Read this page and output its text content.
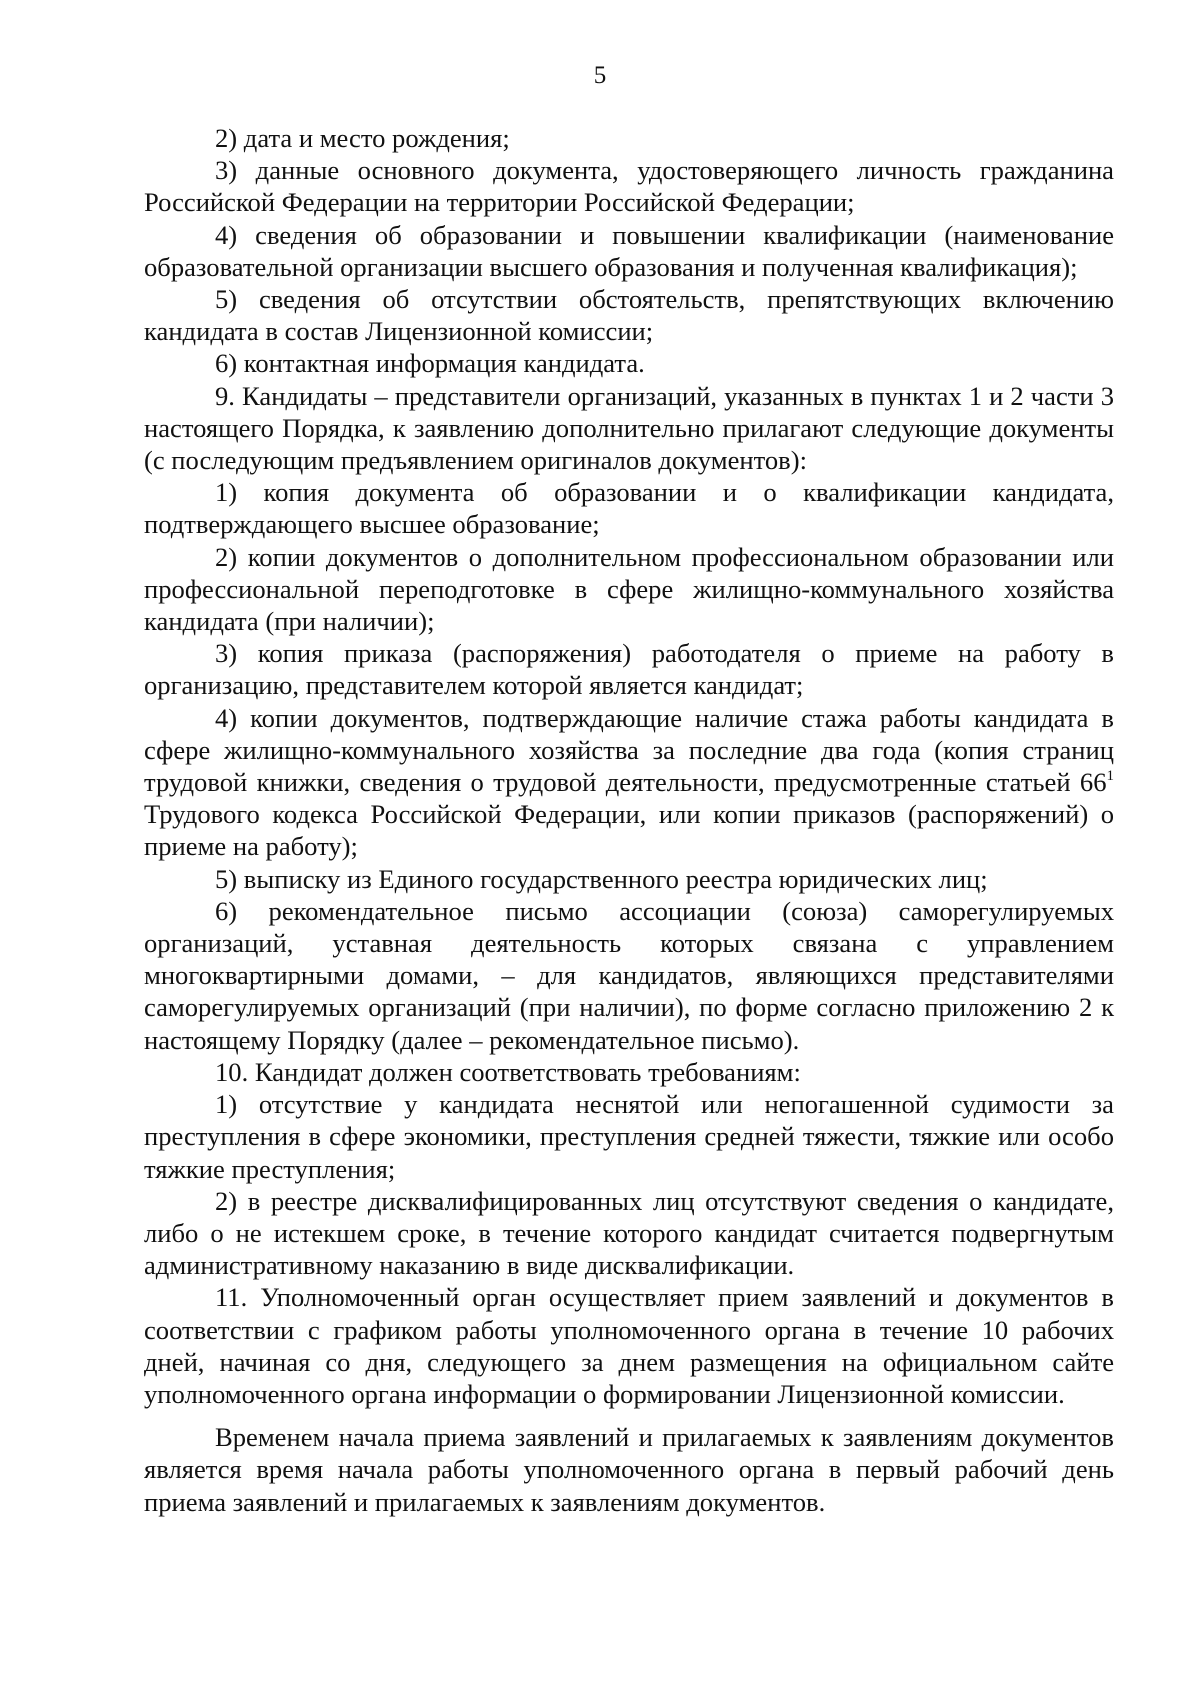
5

2) дата и место рождения;

3) данные основного документа, удостоверяющего личность гражданина Российской Федерации на территории Российской Федерации;

4) сведения об образовании и повышении квалификации (наименование образовательной организации высшего образования и полученная квалификация);

5) сведения об отсутствии обстоятельств, препятствующих включению кандидата в состав Лицензионной комиссии;

6) контактная информация кандидата.

9. Кандидаты – представители организаций, указанных в пунктах 1 и 2 части 3 настоящего Порядка, к заявлению дополнительно прилагают следующие документы (с последующим предъявлением оригиналов документов):

1) копия документа об образовании и о квалификации кандидата, подтверждающего высшее образование;

2) копии документов о дополнительном профессиональном образовании или профессиональной переподготовке в сфере жилищно-коммунального хозяйства кандидата (при наличии);

3) копия приказа (распоряжения) работодателя о приеме на работу в организацию, представителем которой является кандидат;

4) копии документов, подтверждающие наличие стажа работы кандидата в сфере жилищно-коммунального хозяйства за последние два года (копия страниц трудовой книжки, сведения о трудовой деятельности, предусмотренные статьей $66^1$ Трудового кодекса Российской Федерации, или копии приказов (распоряжений) о приеме на работу);

5) выписку из Единого государственного реестра юридических лиц;

6) рекомендательное письмо ассоциации (союза) саморегулируемых организаций, уставная деятельность которых связана с управлением многоквартирными домами, – для кандидатов, являющихся представителями саморегулируемых организаций (при наличии), по форме согласно приложению 2 к настоящему Порядку (далее – рекомендательное письмо).

10. Кандидат должен соответствовать требованиям:

1) отсутствие у кандидата неснятой или непогашенной судимости за преступления в сфере экономики, преступления средней тяжести, тяжкие или особо тяжкие преступления;

2) в реестре дисквалифицированных лиц отсутствуют сведения о кандидате, либо о не истекшем сроке, в течение которого кандидат считается подвергнутым административному наказанию в виде дисквалификации.

11. Уполномоченный орган осуществляет прием заявлений и документов в соответствии с графиком работы уполномоченного органа в течение 10 рабочих дней, начиная со дня, следующего за днем размещения на официальном сайте уполномоченного органа информации о формировании Лицензионной комиссии.

Временем начала приема заявлений и прилагаемых к заявлениям документов является время начала работы уполномоченного органа в первый рабочий день приема заявлений и прилагаемых к заявлениям документов.
